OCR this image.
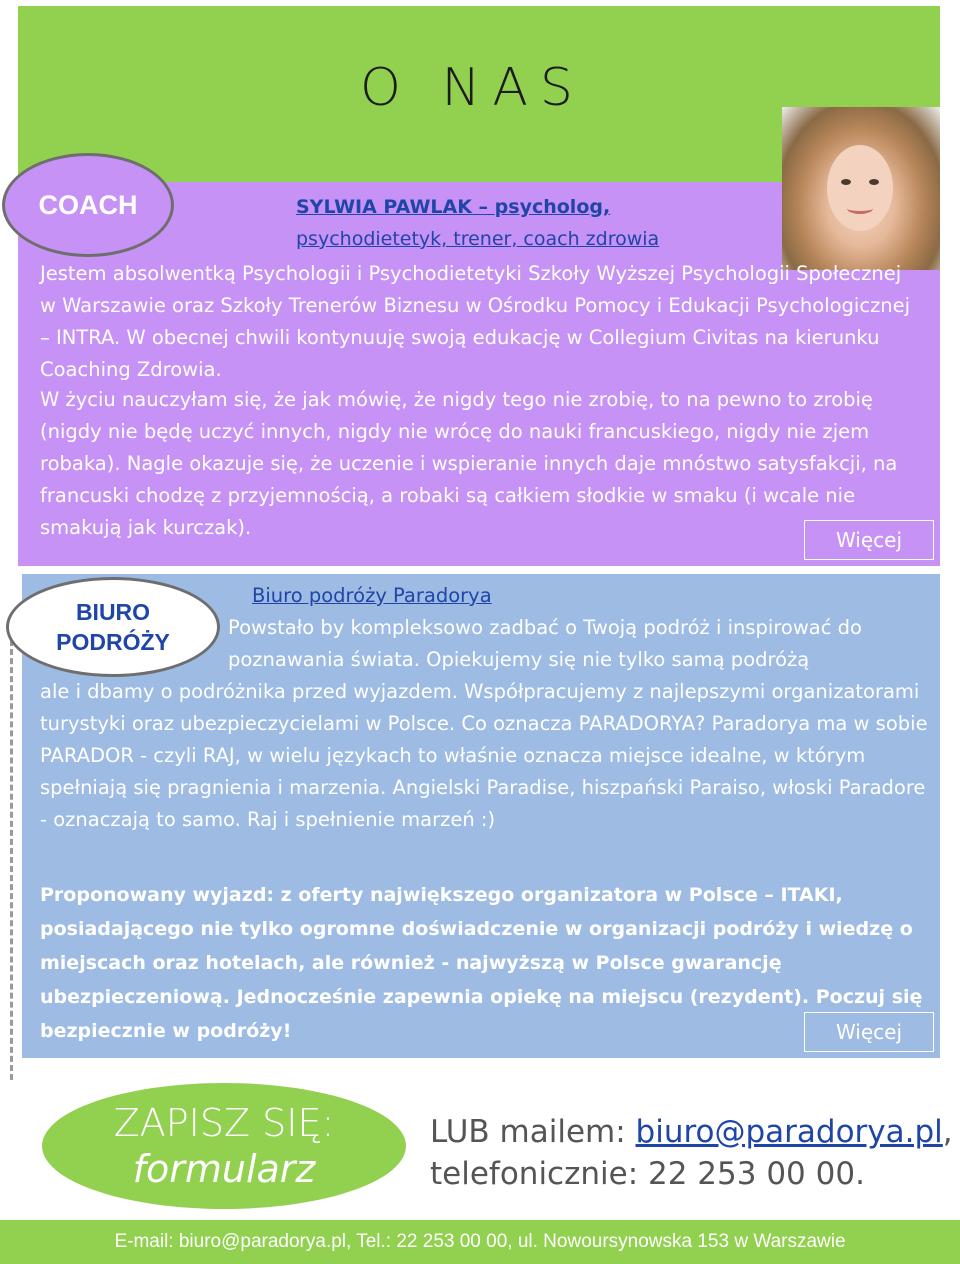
O NAS
COACH	SYLWIA PAWLAK – psycholog,
psychodietetyk, trener, coach zdrowia
Jestem absolwentką Psychologii i Psychodietetyki Szkoły Wyższej Psychologii Społecznej w Warszawie oraz Szkoły Trenerów Biznesu w Ośrodku Pomocy i Edukacji Psychologicznej – INTRA. W obecnej chwili kontynuuję swoją edukację w Collegium Civitas na kierunku Coaching Zdrowia.
W życiu nauczyłam się, że jak mówię, że nigdy tego nie zrobię, to na pewno to zrobię (nigdy nie będę uczyć innych, nigdy nie wrócę do nauki francuskiego, nigdy nie zjem robaka). Nagle okazuje się, że uczenie i wspieranie innych daje mnóstwo satysfakcji, na francuski chodzę z przyjemnością, a robaki są całkiem słodkie w smaku (i wcale nie smakują jak kurczak).
Więcej
BIURO
PODRÓŻY
Biuro podróży Paradorya
Powstało by kompleksowo zadbać o Twoją podróż i inspirować do poznawania świata. Opiekujemy się nie tylko samą podróżą
ale i dbamy o podróżnika przed wyjazdem. Współpracujemy z najlepszymi organizatorami turystyki oraz ubezpieczycielami w Polsce. Co oznacza PARADORYA? Paradorya ma w sobie PARADOR - czyli RAJ, w wielu językach to właśnie oznacza miejsce idealne, w którym spełniają się pragnienia i marzenia. Angielski Paradise, hiszpański Paraiso, włoski Paradore - oznaczają to samo. Raj i spełnienie marzeń :)
Proponowany wyjazd: z oferty największego organizatora w Polsce – ITAKI, posiadającego nie tylko ogromne doświadczenie w organizacji podróży i wiedzę o miejscach oraz hotelach, ale również - najwyższą w Polsce gwarancję ubezpieczeniową. Jednocześnie zapewnia opiekę na miejscu (rezydent). Poczuj się bezpiecznie w podróży!	Więcej
ZAPISZ SIĘ:
formularz
LUB mailem: biuro@paradorya.pl,
telefonicznie: 22 253 00 00.
E-mail: biuro@paradorya.pl, Tel.: 22 253 00 00, ul. Nowoursynowska 153 w Warszawie
